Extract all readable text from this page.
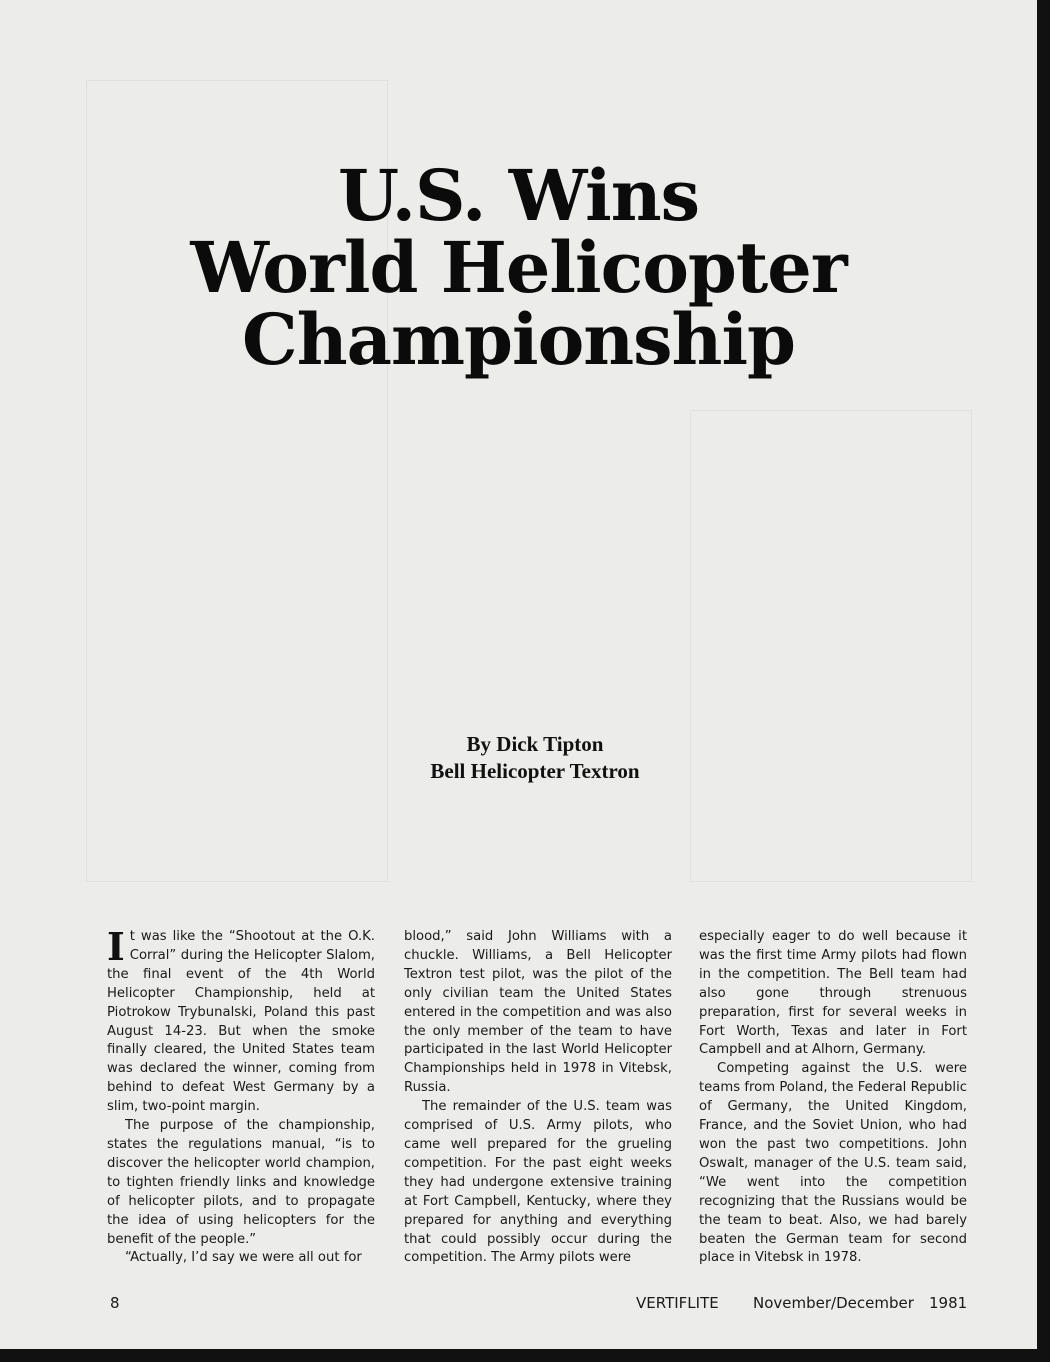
U.S. Wins
World Helicopter
Championship
By Dick Tipton
Bell Helicopter Textron

It was like the “Shootout at the O.K. Corral” during the Helicopter Slalom, the final event of the 4th World Helicopter Championship, held at Piotrokow Trybunalski, Poland this past August 14-23. But when the smoke finally cleared, the United States team was declared the winner, coming from behind to defeat West Germany by a slim, two-point margin.

The purpose of the championship, states the regulations manual, “is to discover the helicopter world champion, to tighten friendly links and knowledge of helicopter pilots, and to propagate the idea of using helicopters for the benefit of the people.”

“Actually, I’d say we were all out for

blood,” said John Williams with a chuckle. Williams, a Bell Helicopter Textron test pilot, was the pilot of the only civilian team the United States entered in the competition and was also the only member of the team to have participated in the last World Helicopter Championships held in 1978 in Vitebsk, Russia.

The remainder of the U.S. team was comprised of U.S. Army pilots, who came well prepared for the grueling competition. For the past eight weeks they had undergone extensive training at Fort Campbell, Kentucky, where they prepared for anything and everything that could possibly occur during the competition. The Army pilots were

especially eager to do well because it was the first time Army pilots had flown in the competition. The Bell team had also gone through strenuous preparation, first for several weeks in Fort Worth, Texas and later in Fort Campbell and at Alhorn, Germany.

Competing against the U.S. were teams from Poland, the Federal Republic of Germany, the United Kingdom, France, and the Soviet Union, who had won the past two competitions. John Oswalt, manager of the U.S. team said, “We went into the competition recognizing that the Russians would be the team to beat. Also, we had barely beaten the German team for second place in Vitebsk in 1978.

8	VERTIFLITE November/December 1981
